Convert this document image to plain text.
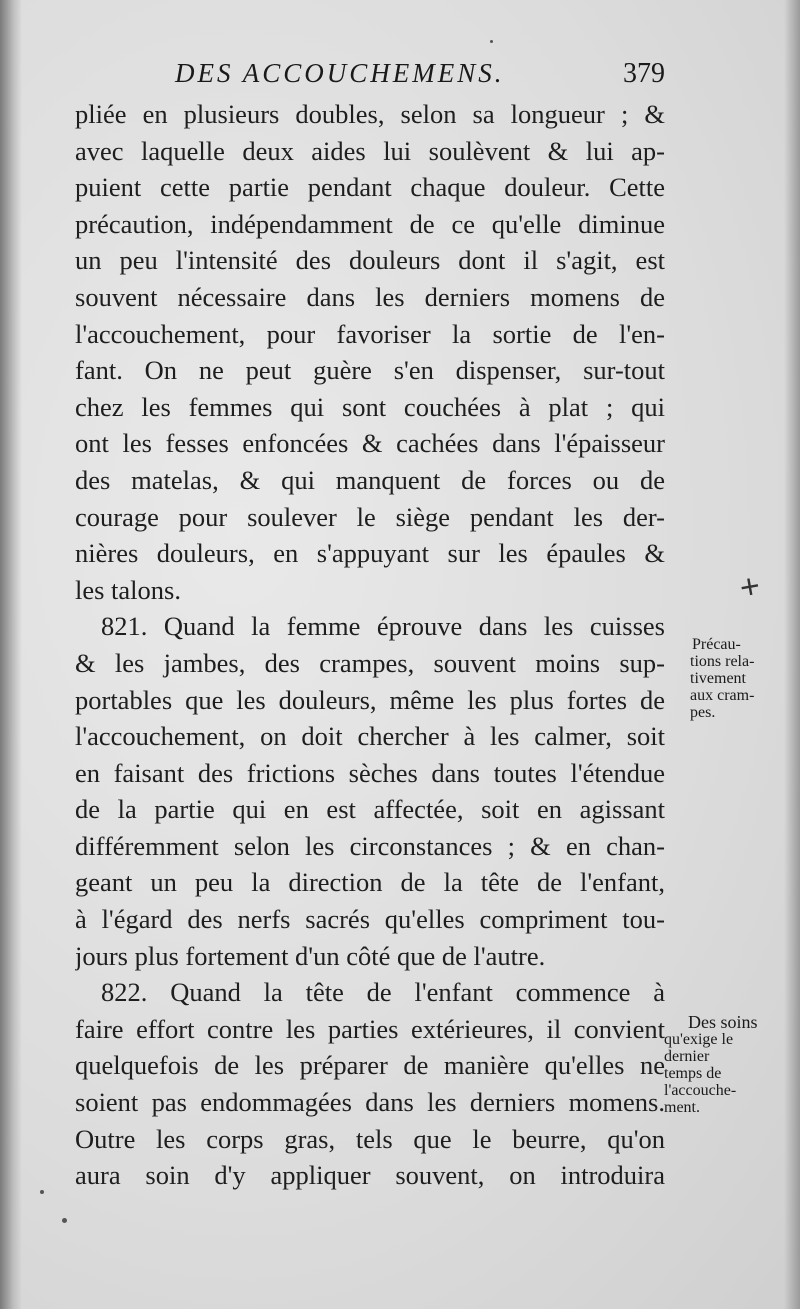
DES ACCOUCHEMENS.	379
pliée en plusieurs doubles, selon sa longueur ; &
avec laquelle deux aides lui soulèvent & lui ap-
puient cette partie pendant chaque douleur. Cette
précaution, indépendamment de ce qu'elle diminue
un peu l'intensité des douleurs dont il s'agit, est
souvent nécessaire dans les derniers momens de
l'accouchement, pour favoriser la sortie de l'en-
fant. On ne peut guère s'en dispenser, sur-tout
chez les femmes qui sont couchées à plat ; qui
ont les fesses enfoncées & cachées dans l'épaisseur
des matelas, & qui manquent de forces ou de
courage pour soulever le siège pendant les der-
nières douleurs, en s'appuyant sur les épaules &
les talons.
821. Quand la femme éprouve dans les cuisses
& les jambes, des crampes, souvent moins sup-
portables que les douleurs, même les plus fortes de
l'accouchement, on doit chercher à les calmer, soit
en faisant des frictions sèches dans toutes l'étendue
de la partie qui en est affectée, soit en agissant
différemment selon les circonstances ; & en chan-
geant un peu la direction de la tête de l'enfant,
à l'égard des nerfs sacrés qu'elles compriment tou-
jours plus fortement d'un côté que de l'autre.
822. Quand la tête de l'enfant commence à
faire effort contre les parties extérieures, il convient
quelquefois de les préparer de manière qu'elles ne
soient pas endommagées dans les derniers momens.
Outre les corps gras, tels que le beurre, qu'on
aura soin d'y appliquer souvent, on introduira
Précau-
tions rela-
tivement
aux cram-
pes.
Des soins
qu'exige le
dernier
temps de
l'accouche-
ment.
+
